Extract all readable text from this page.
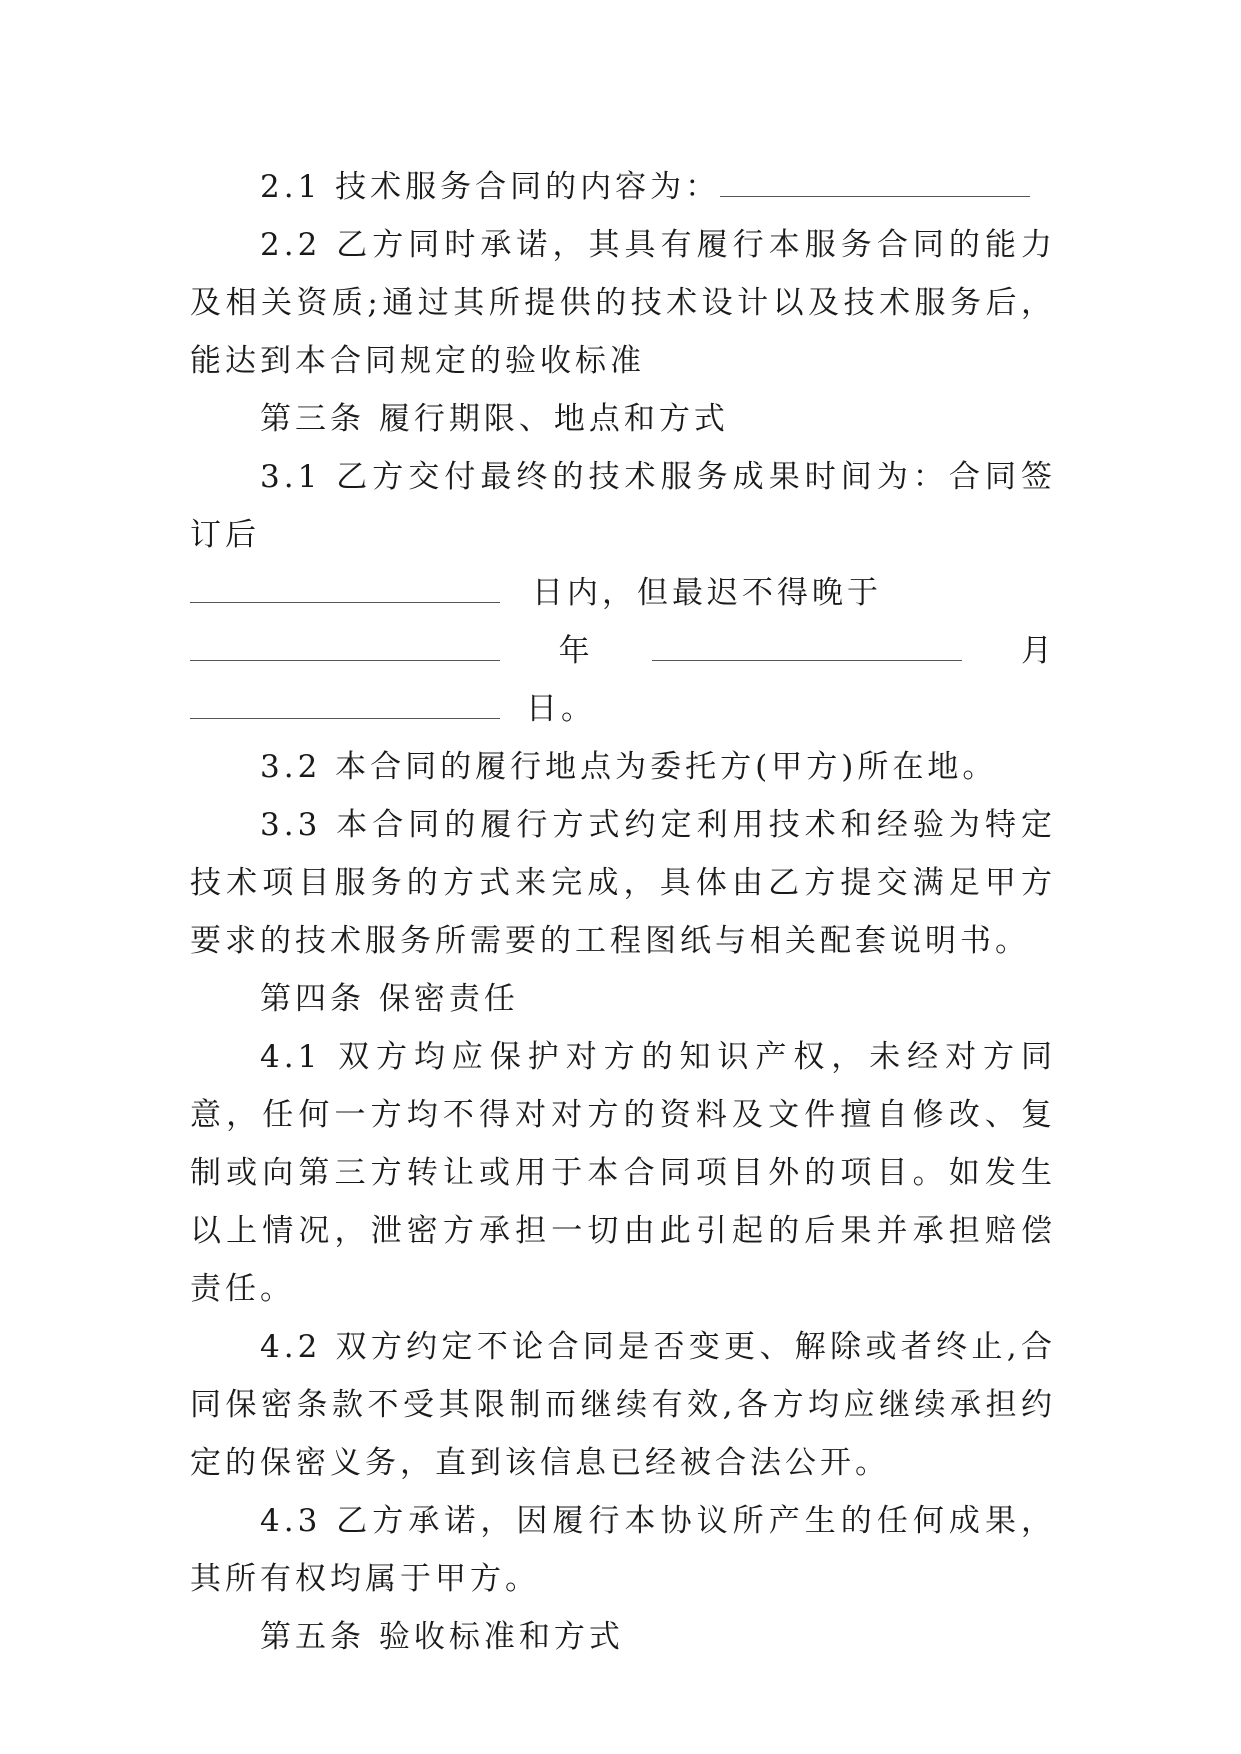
2.1 技术服务合同的内容为：

2.2 乙方同时承诺，其具有履行本服务合同的能力及相关资质;通过其所提供的技术设计以及技术服务后，能达到本合同规定的验收标准

第三条 履行期限、地点和方式

3.1 乙方交付最终的技术服务成果时间为：合同签订后

日内，但最迟不得晚于
年	月
日。

3.2 本合同的履行地点为委托方(甲方)所在地。

3.3 本合同的履行方式约定利用技术和经验为特定技术项目服务的方式来完成，具体由乙方提交满足甲方要求的技术服务所需要的工程图纸与相关配套说明书。

第四条 保密责任

4.1 双方均应保护对方的知识产权，未经对方同意，任何一方均不得对对方的资料及文件擅自修改、复制或向第三方转让或用于本合同项目外的项目。如发生以上情况，泄密方承担一切由此引起的后果并承担赔偿责任。

4.2 双方约定不论合同是否变更、解除或者终止,合同保密条款不受其限制而继续有效,各方均应继续承担约定的保密义务，直到该信息已经被合法公开。

4.3 乙方承诺，因履行本协议所产生的任何成果，其所有权均属于甲方。

第五条 验收标准和方式
